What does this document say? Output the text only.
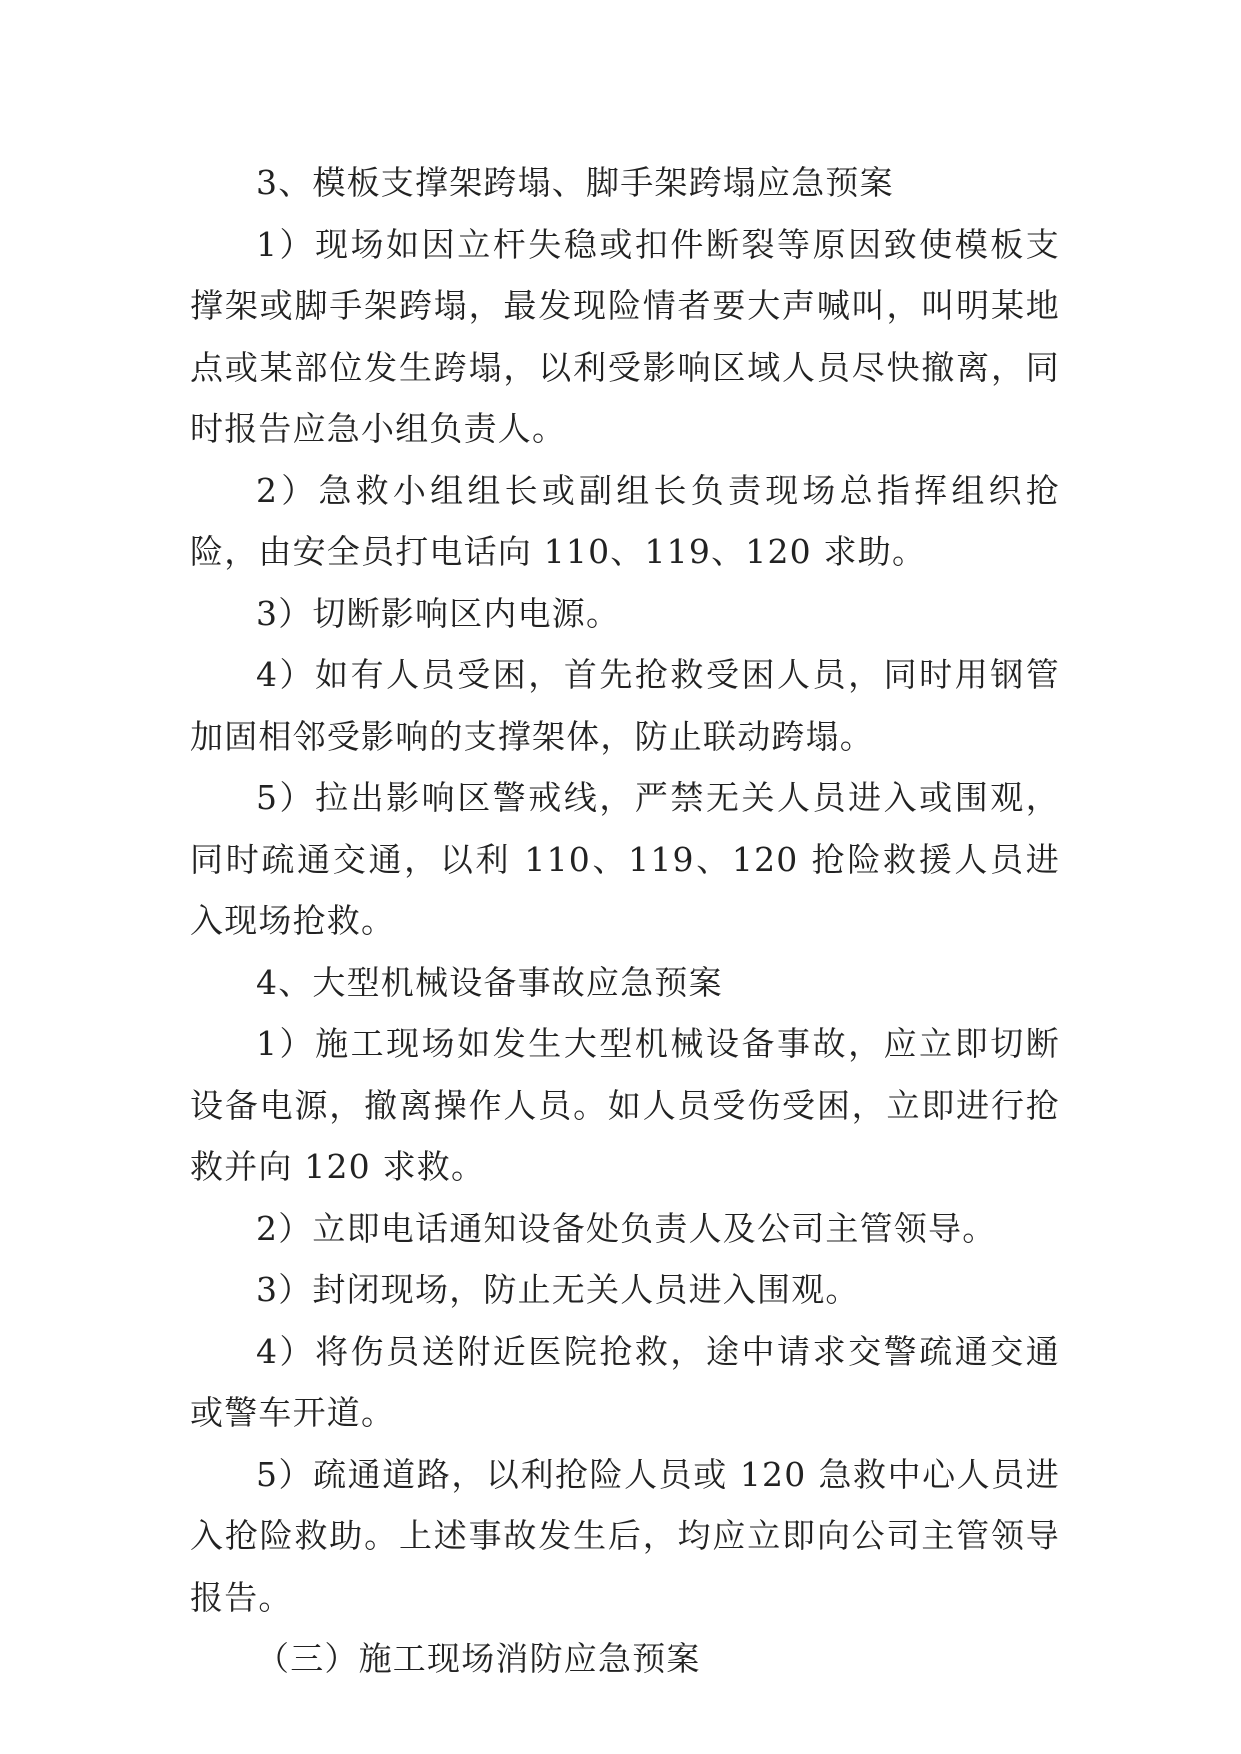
3、模板支撑架跨塌、脚手架跨塌应急预案

1）现场如因立杆失稳或扣件断裂等原因致使模板支撑架或脚手架跨塌，最发现险情者要大声喊叫，叫明某地点或某部位发生跨塌，以利受影响区域人员尽快撤离，同时报告应急小组负责人。

2）急救小组组长或副组长负责现场总指挥组织抢险，由安全员打电话向 110、119、120 求助。

3）切断影响区内电源。

4）如有人员受困，首先抢救受困人员，同时用钢管加固相邻受影响的支撑架体，防止联动跨塌。

5）拉出影响区警戒线，严禁无关人员进入或围观，同时疏通交通，以利 110、119、120 抢险救援人员进入现场抢救。

4、大型机械设备事故应急预案

1）施工现场如发生大型机械设备事故，应立即切断设备电源，撤离操作人员。如人员受伤受困，立即进行抢救并向 120 求救。

2）立即电话通知设备处负责人及公司主管领导。

3）封闭现场，防止无关人员进入围观。

4）将伤员送附近医院抢救，途中请求交警疏通交通或警车开道。

5）疏通道路，以利抢险人员或 120 急救中心人员进入抢险救助。上述事故发生后，均应立即向公司主管领导报告。

（三）施工现场消防应急预案
